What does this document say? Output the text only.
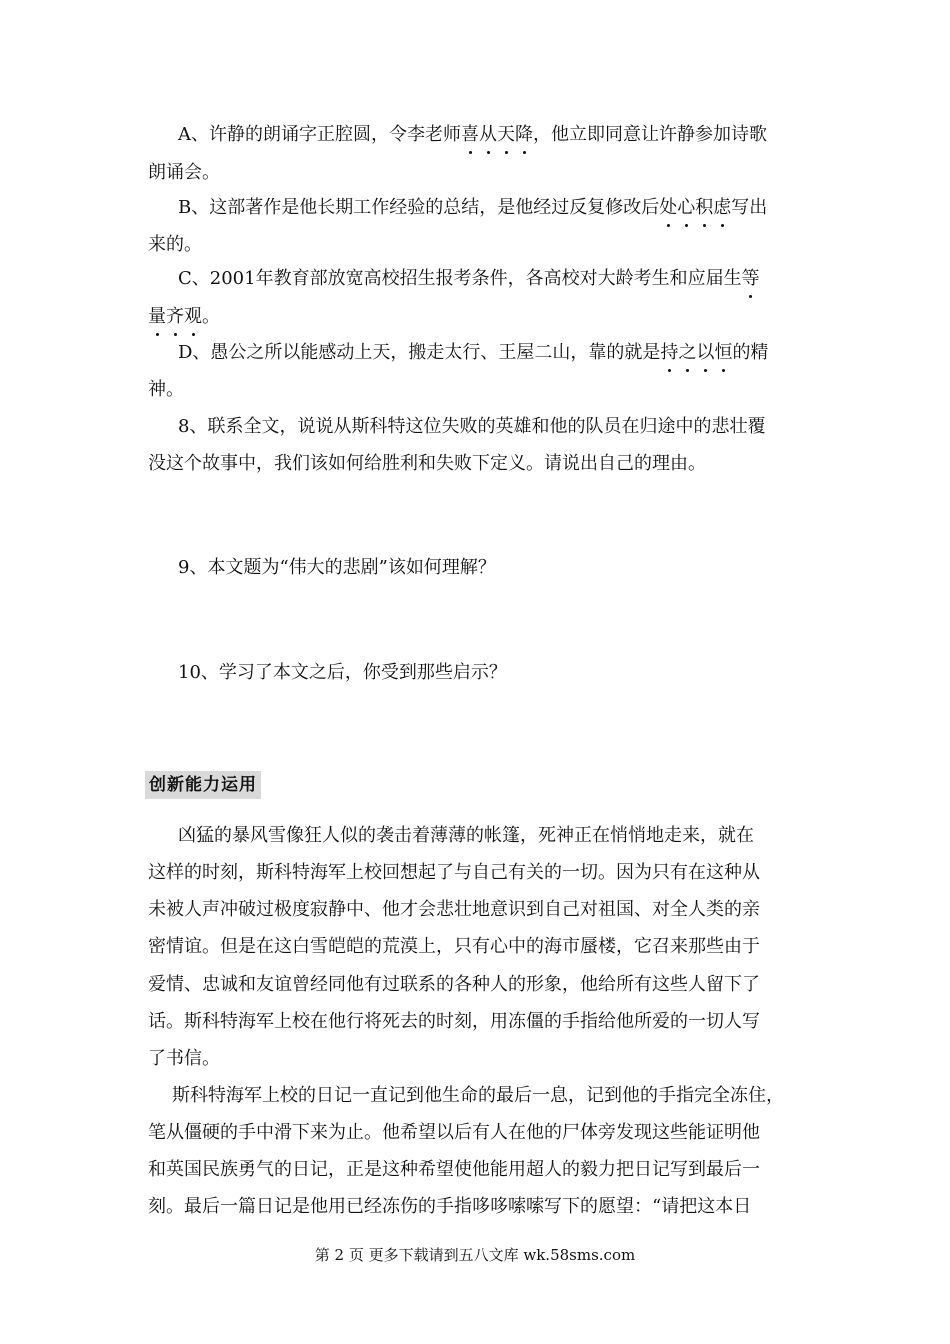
A、许静的朗诵字正腔圆，令李老师喜从天降，他立即同意让许静参加诗歌
朗诵会。
B、这部著作是他长期工作经验的总结，是他经过反复修改后处心积虑写出
来的。
C、2001年教育部放宽高校招生报考条件，各高校对大龄考生和应届生等
量齐观。
D、愚公之所以能感动上天，搬走太行、王屋二山，靠的就是持之以恒的精
神。
8、联系全文，说说从斯科特这位失败的英雄和他的队员在归途中的悲壮覆
没这个故事中，我们该如何给胜利和失败下定义。请说出自己的理由。
9、本文题为“伟大的悲剧”该如何理解？
10、学习了本文之后，你受到那些启示？
创新能力运用
凶猛的暴风雪像狂人似的袭击着薄薄的帐篷，死神正在悄悄地走来，就在
这样的时刻，斯科特海军上校回想起了与自己有关的一切。因为只有在这种从
未被人声冲破过极度寂静中、他才会悲壮地意识到自己对祖国、对全人类的亲
密情谊。但是在这白雪皑皑的荒漠上，只有心中的海市蜃楼，它召来那些由于
爱情、忠诚和友谊曾经同他有过联系的各种人的形象，他给所有这些人留下了
话。斯科特海军上校在他行将死去的时刻，用冻僵的手指给他所爱的一切人写
了书信。
斯科特海军上校的日记一直记到他生命的最后一息，记到他的手指完全冻住，
笔从僵硬的手中滑下来为止。他希望以后有人在他的尸体旁发现这些能证明他
和英国民族勇气的日记，正是这种希望使他能用超人的毅力把日记写到最后一
刻。最后一篇日记是他用已经冻伤的手指哆哆嗦嗦写下的愿望：“请把这本日
第 2 页 更多下载请到五八文库 wk.58sms.com
